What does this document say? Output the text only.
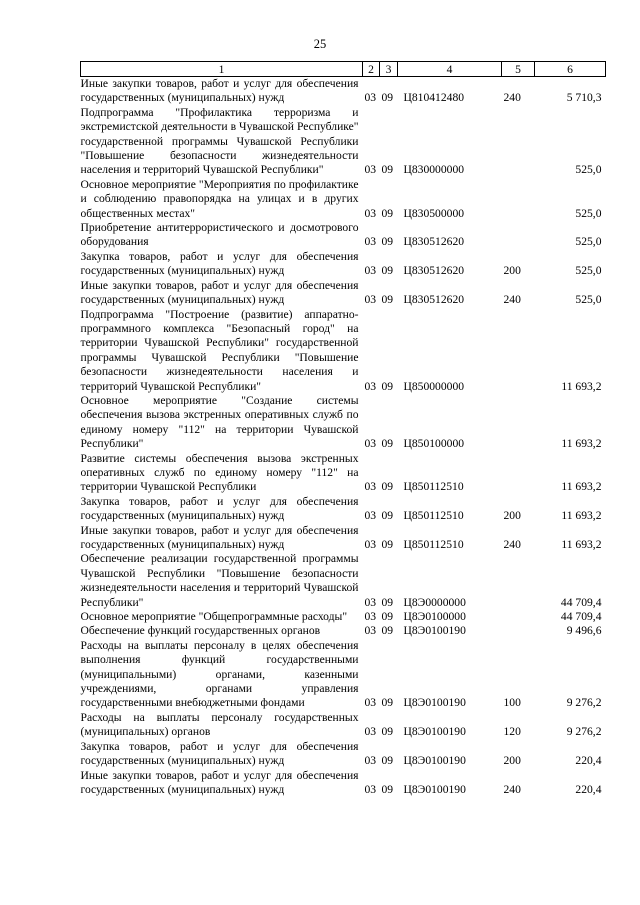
25
1	2	3	4	5	6
Иные закупки товаров, работ и услуг для обеспечения государственных (муниципальных) нужд	03	09	Ц810412480	240	5 710,3
Подпрограмма "Профилактика терроризма и экстремистской деятельности в Чувашской Республике" государственной программы Чувашской Республики "Повышение безопасности жизнедеятельности населения и территорий Чувашской Республики"	03	09	Ц830000000		525,0
Основное мероприятие "Мероприятия по профилактике и соблюдению правопорядка на улицах и в других общественных местах"	03	09	Ц830500000		525,0
Приобретение антитеррористического и досмотрового оборудования	03	09	Ц830512620		525,0
Закупка товаров, работ и услуг для обеспечения государственных (муниципальных) нужд	03	09	Ц830512620	200	525,0
Иные закупки товаров, работ и услуг для обеспечения государственных (муниципальных) нужд	03	09	Ц830512620	240	525,0
Подпрограмма "Построение (развитие) аппаратно-программного комплекса "Безопасный город" на территории Чувашской Республики" государственной программы Чувашской Республики "Повышение безопасности жизнедеятельности населения и территорий Чувашской Республики"	03	09	Ц850000000		11 693,2
Основное мероприятие "Создание системы обеспечения вызова экстренных оперативных служб по единому номеру "112" на территории Чувашской Республики"	03	09	Ц850100000		11 693,2
Развитие системы обеспечения вызова экстренных оперативных служб по единому номеру "112" на территории Чувашской Республики	03	09	Ц850112510		11 693,2
Закупка товаров, работ и услуг для обеспечения государственных (муниципальных) нужд	03	09	Ц850112510	200	11 693,2
Иные закупки товаров, работ и услуг для обеспечения государственных (муниципальных) нужд	03	09	Ц850112510	240	11 693,2
Обеспечение реализации государственной программы Чувашской Республики "Повышение безопасности жизнедеятельности населения и территорий Чувашской Республики"	03	09	Ц8Э0000000		44 709,4
Основное мероприятие "Общепрограммные расходы"	03	09	Ц8Э0100000		44 709,4
Обеспечение функций государственных органов	03	09	Ц8Э0100190		9 496,6
Расходы на выплаты персоналу в целях обеспечения выполнения функций государственными (муниципальными) органами, казенными учреждениями, органами управления государственными внебюджетными фондами	03	09	Ц8Э0100190	100	9 276,2
Расходы на выплаты персоналу государственных (муниципальных) органов	03	09	Ц8Э0100190	120	9 276,2
Закупка товаров, работ и услуг для обеспечения государственных (муниципальных) нужд	03	09	Ц8Э0100190	200	220,4
Иные закупки товаров, работ и услуг для обеспечения государственных (муниципальных) нужд	03	09	Ц8Э0100190	240	220,4
